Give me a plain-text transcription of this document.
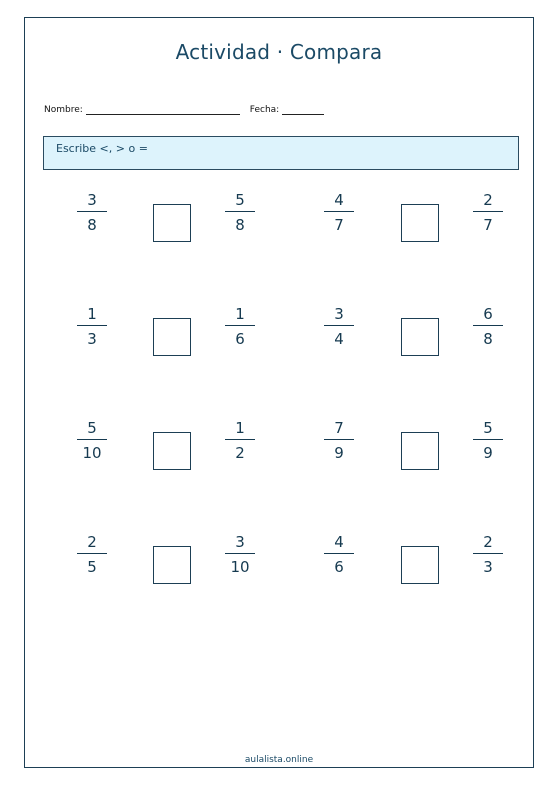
Actividad · Compara
Nombre:	Fecha:
Escribe <, > o =
aulalista.online
3
8
5
8
4
7
2
7
1
3
1
6
3
4
6
8
5
10
1
2
7
9
5
9
2
5
3
10
4
6
2
3
